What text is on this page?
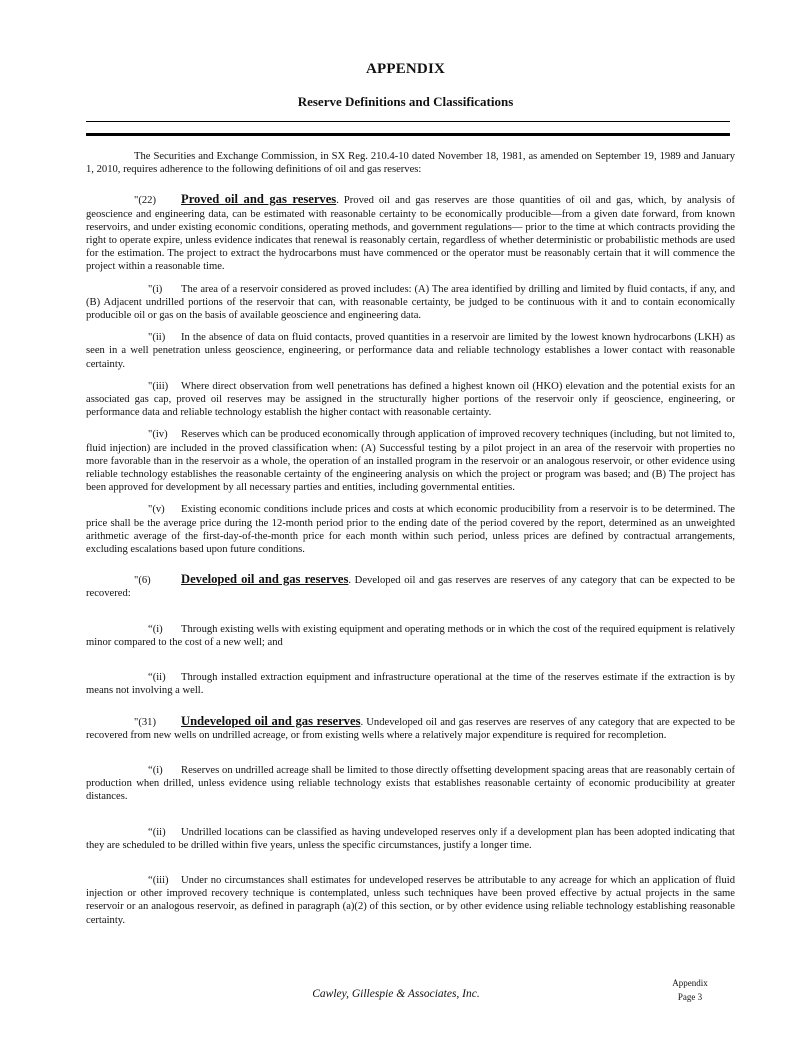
APPENDIX
Reserve Definitions and Classifications

The Securities and Exchange Commission, in SX Reg. 210.4-10 dated November 18, 1981, as amended on September 19, 1989 and January 1, 2010, requires adherence to the following definitions of oil and gas reserves:

"(22) Proved oil and gas reserves. Proved oil and gas reserves are those quantities of oil and gas, which, by analysis of geoscience and engineering data, can be estimated with reasonable certainty to be economically producible—from a given date forward, from known reservoirs, and under existing economic conditions, operating methods, and government regulations— prior to the time at which contracts providing the right to operate expire, unless evidence indicates that renewal is reasonably certain, regardless of whether deterministic or probabilistic methods are used for the estimation. The project to extract the hydrocarbons must have commenced or the operator must be reasonably certain that it will commence the project within a reasonable time.

"(i) The area of a reservoir considered as proved includes: (A) The area identified by drilling and limited by fluid contacts, if any, and (B) Adjacent undrilled portions of the reservoir that can, with reasonable certainty, be judged to be continuous with it and to contain economically producible oil or gas on the basis of available geoscience and engineering data.

"(ii) In the absence of data on fluid contacts, proved quantities in a reservoir are limited by the lowest known hydrocarbons (LKH) as seen in a well penetration unless geoscience, engineering, or performance data and reliable technology establishes a lower contact with reasonable certainty.

"(iii) Where direct observation from well penetrations has defined a highest known oil (HKO) elevation and the potential exists for an associated gas cap, proved oil reserves may be assigned in the structurally higher portions of the reservoir only if geoscience, engineering, or performance data and reliable technology establish the higher contact with reasonable certainty.

"(iv) Reserves which can be produced economically through application of improved recovery techniques (including, but not limited to, fluid injection) are included in the proved classification when: (A) Successful testing by a pilot project in an area of the reservoir with properties no more favorable than in the reservoir as a whole, the operation of an installed program in the reservoir or an analogous reservoir, or other evidence using reliable technology establishes the reasonable certainty of the engineering analysis on which the project or program was based; and (B) The project has been approved for development by all necessary parties and entities, including governmental entities.

"(v) Existing economic conditions include prices and costs at which economic producibility from a reservoir is to be determined. The price shall be the average price during the 12-month period prior to the ending date of the period covered by the report, determined as an unweighted arithmetic average of the first-day-of-the-month price for each month within such period, unless prices are defined by contractual arrangements, excluding escalations based upon future conditions.

"(6) Developed oil and gas reserves. Developed oil and gas reserves are reserves of any category that can be expected to be recovered:

“(i) Through existing wells with existing equipment and operating methods or in which the cost of the required equipment is relatively minor compared to the cost of a new well; and

“(ii) Through installed extraction equipment and infrastructure operational at the time of the reserves estimate if the extraction is by means not involving a well.

"(31) Undeveloped oil and gas reserves. Undeveloped oil and gas reserves are reserves of any category that are expected to be recovered from new wells on undrilled acreage, or from existing wells where a relatively major expenditure is required for recompletion.

“(i) Reserves on undrilled acreage shall be limited to those directly offsetting development spacing areas that are reasonably certain of production when drilled, unless evidence using reliable technology exists that establishes reasonable certainty of economic producibility at greater distances.

“(ii) Undrilled locations can be classified as having undeveloped reserves only if a development plan has been adopted indicating that they are scheduled to be drilled within five years, unless the specific circumstances, justify a longer time.

“(iii) Under no circumstances shall estimates for undeveloped reserves be attributable to any acreage for which an application of fluid injection or other improved recovery technique is contemplated, unless such techniques have been proved effective by actual projects in the same reservoir or an analogous reservoir, as defined in paragraph (a)(2) of this section, or by other evidence using reliable technology establishing reasonable certainty.

Appendix
Page 3
Cawley, Gillespie & Associates, Inc.
